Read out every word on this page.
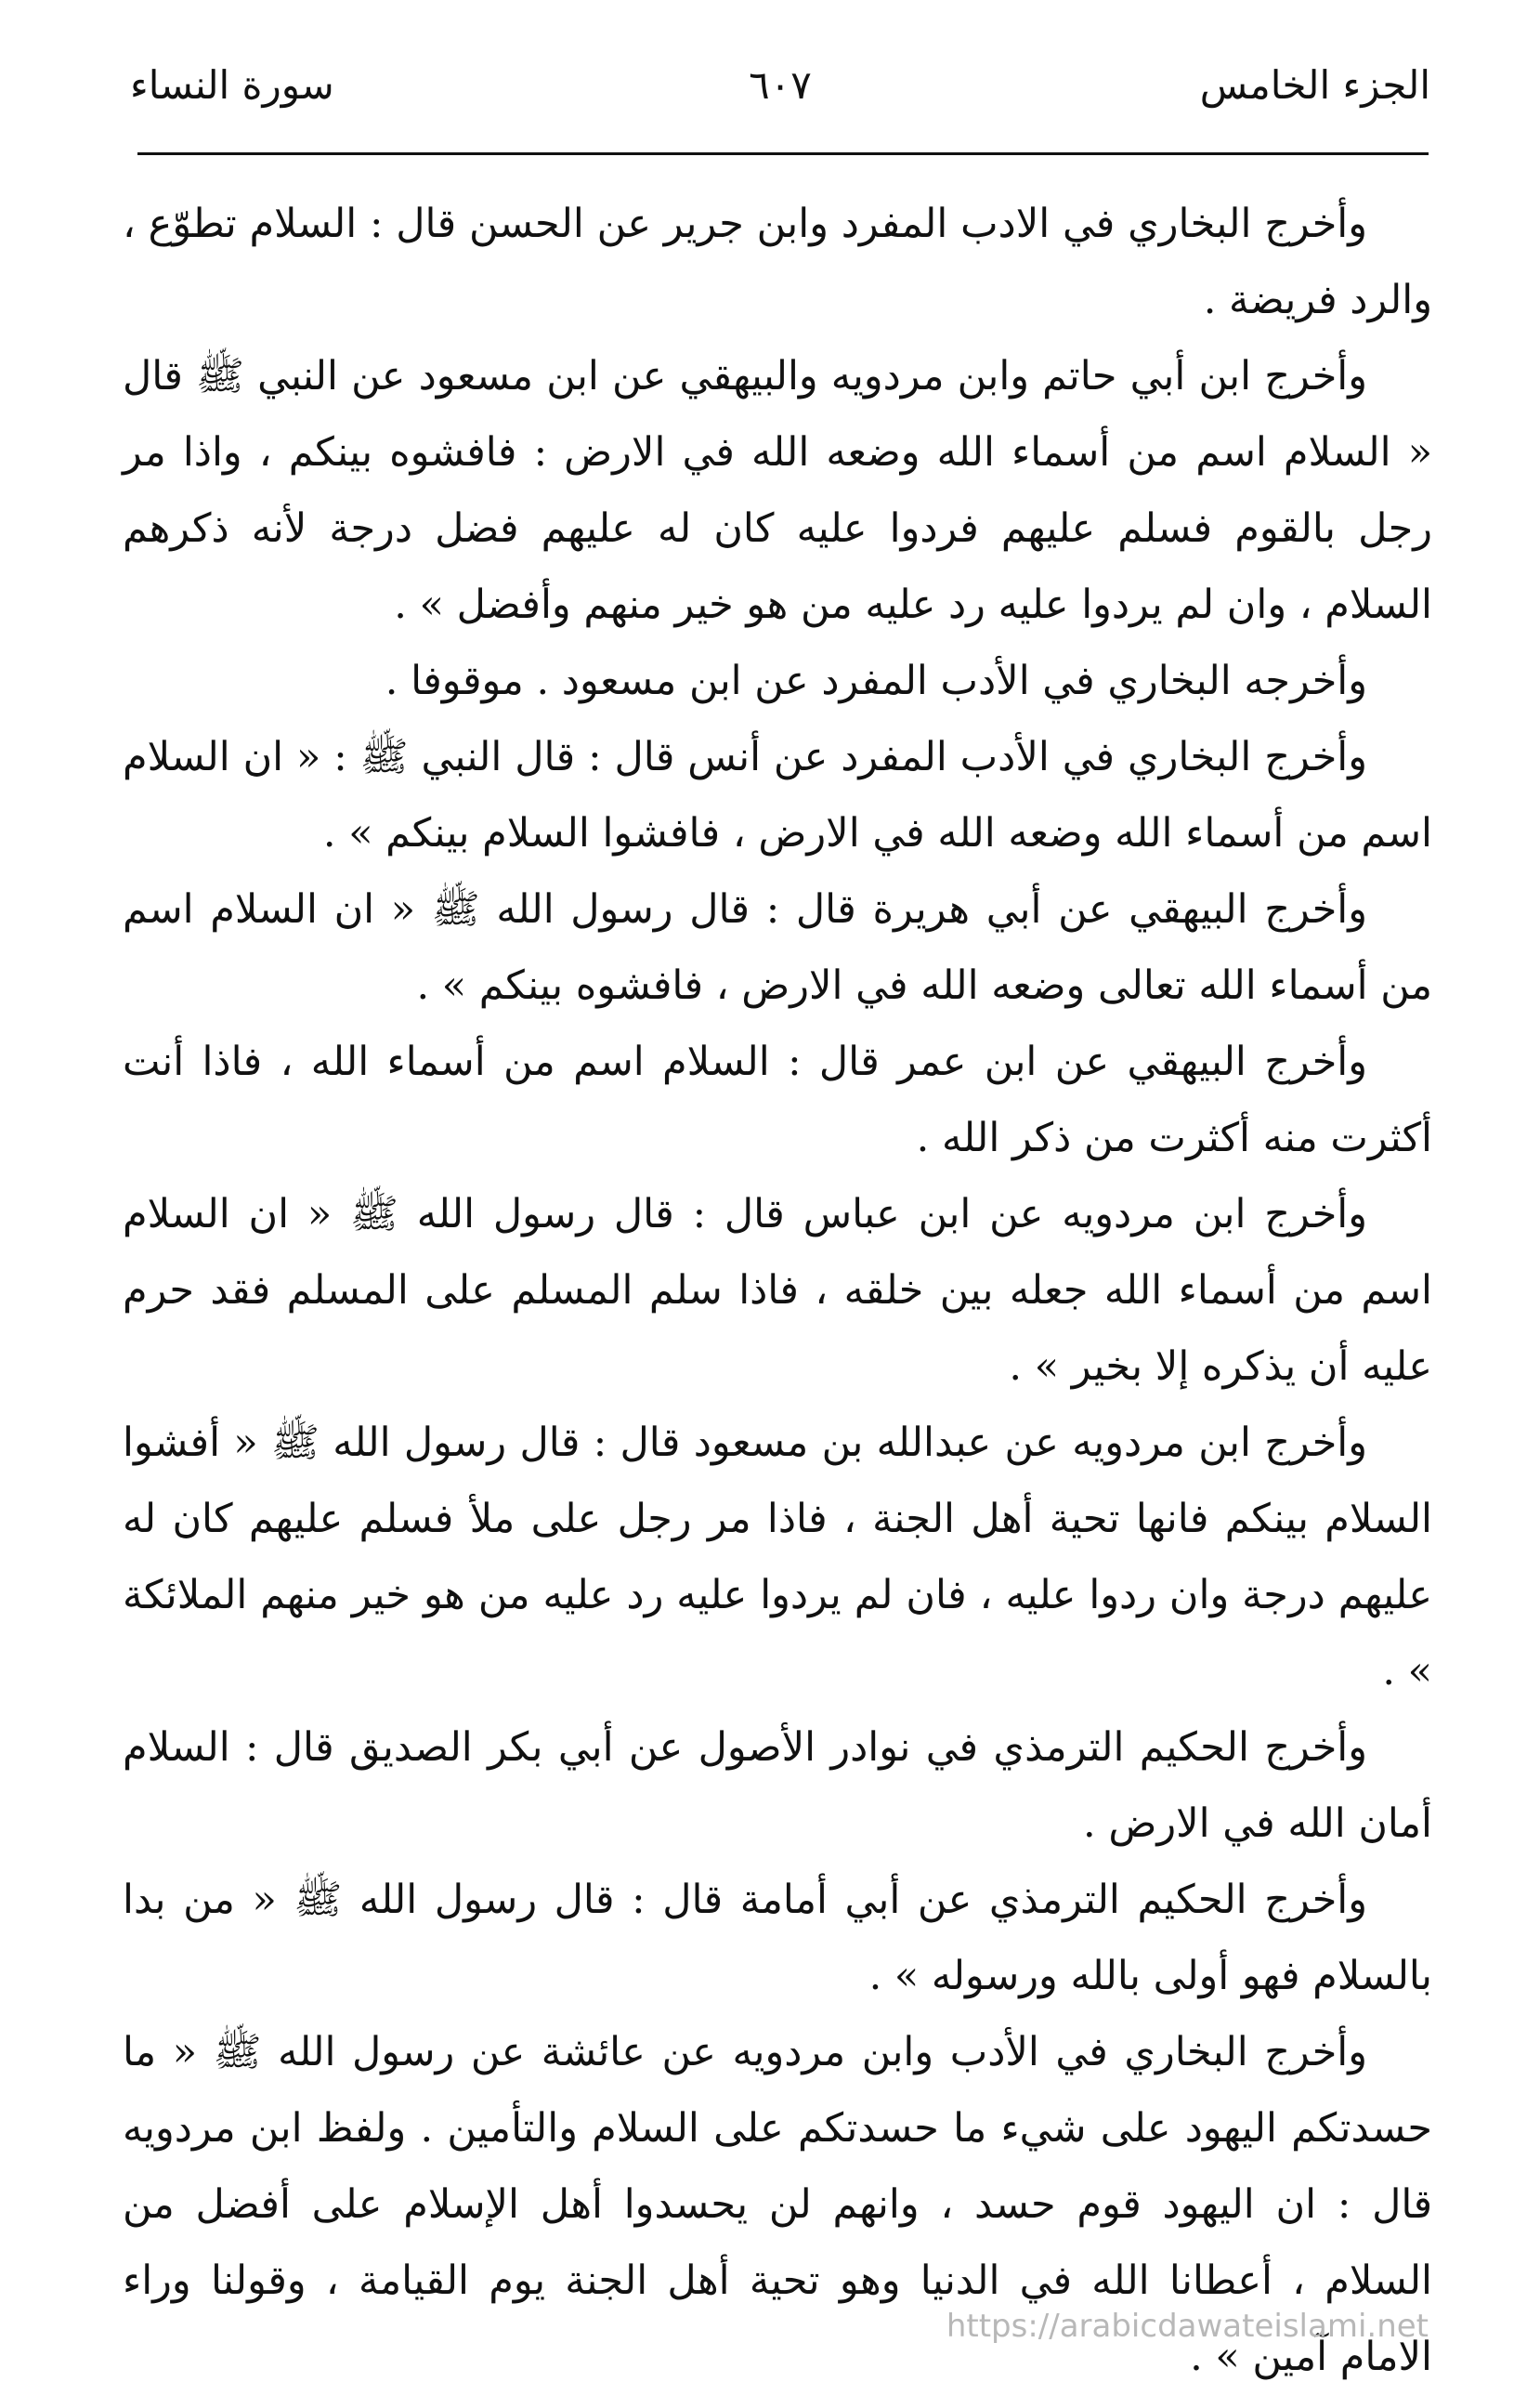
الجزء الخامس
٦٠٧
سورة النساء

وأخرج البخاري في الادب المفرد وابن جرير عن الحسن قال : السلام تطوّع ، والرد فريضة .

وأخرج ابن أبي حاتم وابن مردويه والبيهقي عن ابن مسعود عن النبي ﷺ قال « السلام اسم من أسماء الله وضعه الله في الارض : فافشوه بينكم ، واذا مر رجل بالقوم فسلم عليهم فردوا عليه كان له عليهم فضل درجة لأنه ذكرهم السلام ، وان لم يردوا عليه رد عليه من هو خير منهم وأفضل » .

وأخرجه البخاري في الأدب المفرد عن ابن مسعود . موقوفا .

وأخرج البخاري في الأدب المفرد عن أنس قال : قال النبي ﷺ : « ان السلام اسم من أسماء الله وضعه الله في الارض ، فافشوا السلام بينكم » .

وأخرج البيهقي عن أبي هريرة قال : قال رسول الله ﷺ « ان السلام اسم من أسماء الله تعالى وضعه الله في الارض ، فافشوه بينكم » .

وأخرج البيهقي عن ابن عمر قال : السلام اسم من أسماء الله ، فاذا أنت أكثرت منه أكثرت من ذكر الله .

وأخرج ابن مردويه عن ابن عباس قال : قال رسول الله ﷺ « ان السلام اسم من أسماء الله جعله بين خلقه ، فاذا سلم المسلم على المسلم فقد حرم عليه أن يذكره إلا بخير » .

وأخرج ابن مردويه عن عبدالله بن مسعود قال : قال رسول الله ﷺ « أفشوا السلام بينكم فانها تحية أهل الجنة ، فاذا مر رجل على ملأ فسلم عليهم كان له عليهم درجة وان ردوا عليه ، فان لم يردوا عليه رد عليه من هو خير منهم الملائكة » .

وأخرج الحكيم الترمذي في نوادر الأصول عن أبي بكر الصديق قال : السلام أمان الله في الارض .

وأخرج الحكيم الترمذي عن أبي أمامة قال : قال رسول الله ﷺ « من بدا بالسلام فهو أولى بالله ورسوله » .

وأخرج البخاري في الأدب وابن مردويه عن عائشة عن رسول الله ﷺ « ما حسدتكم اليهود على شيء ما حسدتكم على السلام والتأمين . ولفظ ابن مردويه قال : ان اليهود قوم حسد ، وانهم لن يحسدوا أهل الإسلام على أفضل من السلام ، أعطانا الله في الدنيا وهو تحية أهل الجنة يوم القيامة ، وقولنا وراء الامام آمين » .

https://arabicdawateislami.net
